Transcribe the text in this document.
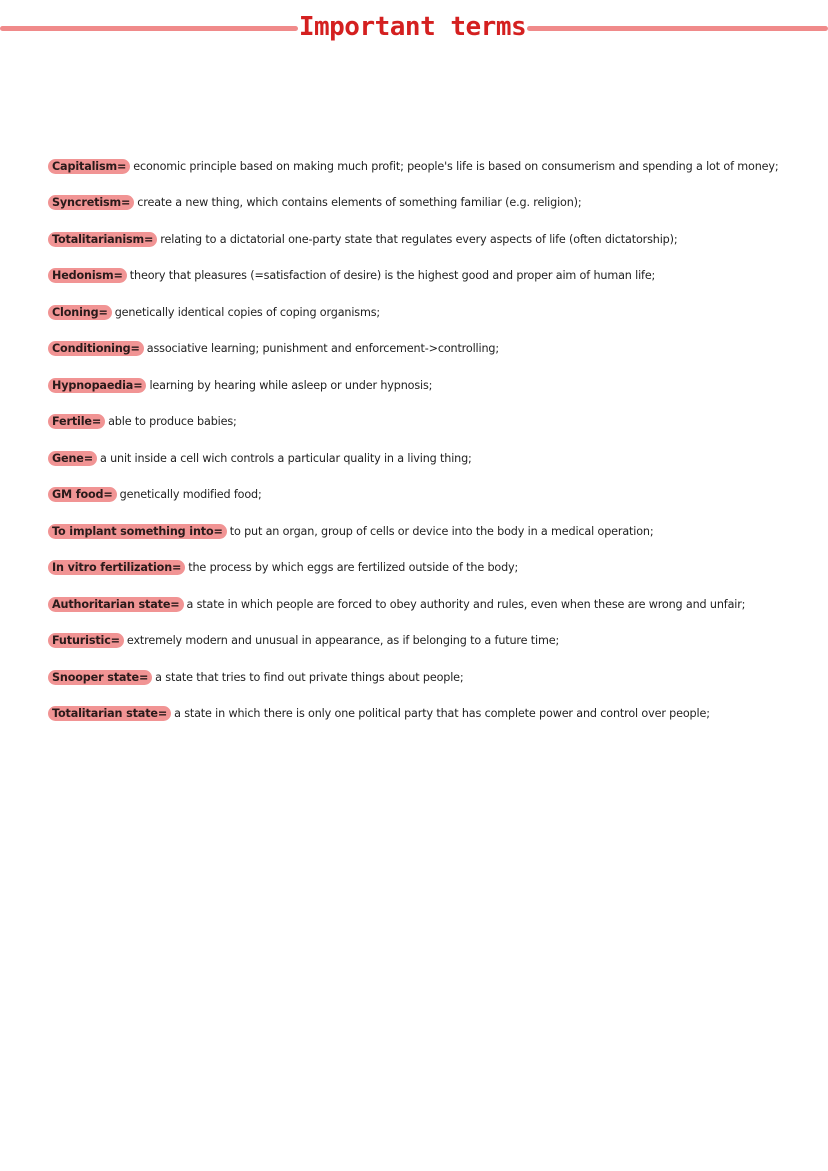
Important terms
Capitalism= economic principle based on making much profit; people's life is based on consumerism and spending a lot of money;
Syncretism= create a new thing, which contains elements of something familiar (e.g. religion);
Totalitarianism= relating to a dictatorial one-party state that regulates every aspects of life (often dictatorship);
Hedonism= theory that pleasures (=satisfaction of desire) is the highest good and proper aim of human life;
Cloning= genetically identical copies of coping organisms;
Conditioning= associative learning; punishment and enforcement->controlling;
Hypnopaedia= learning by hearing while asleep or under hypnosis;
Fertile= able to produce babies;
Gene= a unit inside a cell wich controls a particular quality in a living thing;
GM food= genetically modified food;
To implant something into= to put an organ, group of cells or device into the body in a medical operation;
In vitro fertilization= the process by which eggs are fertilized outside of the body;
Authoritarian state= a state in which people are forced to obey authority and rules, even when these are wrong and unfair;
Futuristic= extremely modern and unusual in appearance, as if belonging to a future time;
Snooper state= a state that tries to find out private things about people;
Totalitarian state= a state in which there is only one political party that has complete power and control over people;
